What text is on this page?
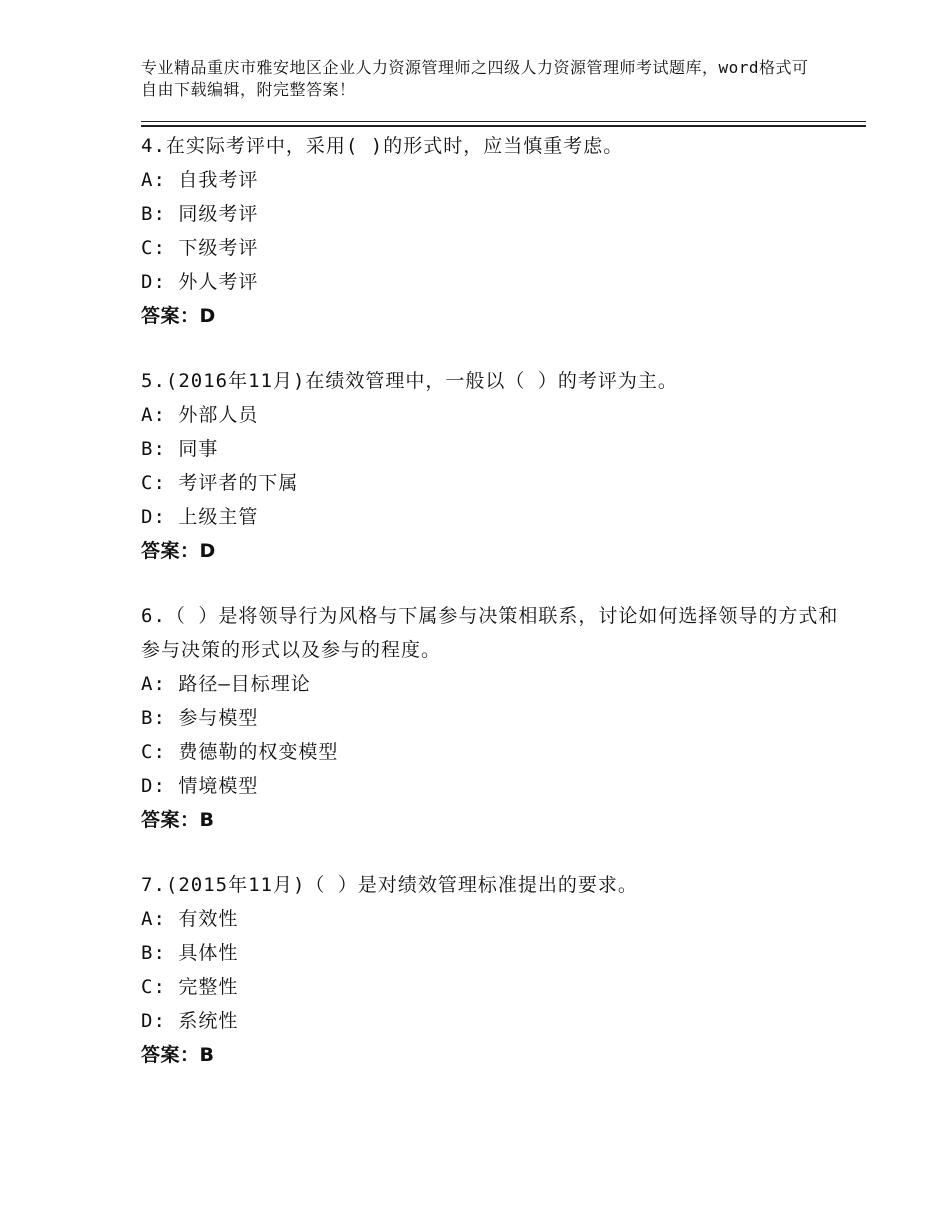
专业精品重庆市雅安地区企业人力资源管理师之四级人力资源管理师考试题库，word格式可自由下载编辑，附完整答案！

4.在实际考评中，采用( )的形式时，应当慎重考虑。

A: 自我考评

B: 同级考评

C: 下级考评

D: 外人考评

答案：D

5.(2016年11月)在绩效管理中，一般以（ ）的考评为主。

A: 外部人员

B: 同事

C: 考评者的下属

D: 上级主管

答案：D

6.（ ）是将领导行为风格与下属参与决策相联系，讨论如何选择领导的方式和参与决策的形式以及参与的程度。

A: 路径—目标理论

B: 参与模型

C: 费德勒的权变模型

D: 情境模型

答案：B

7.(2015年11月)（ ）是对绩效管理标准提出的要求。

A: 有效性

B: 具体性

C: 完整性

D: 系统性

答案：B
